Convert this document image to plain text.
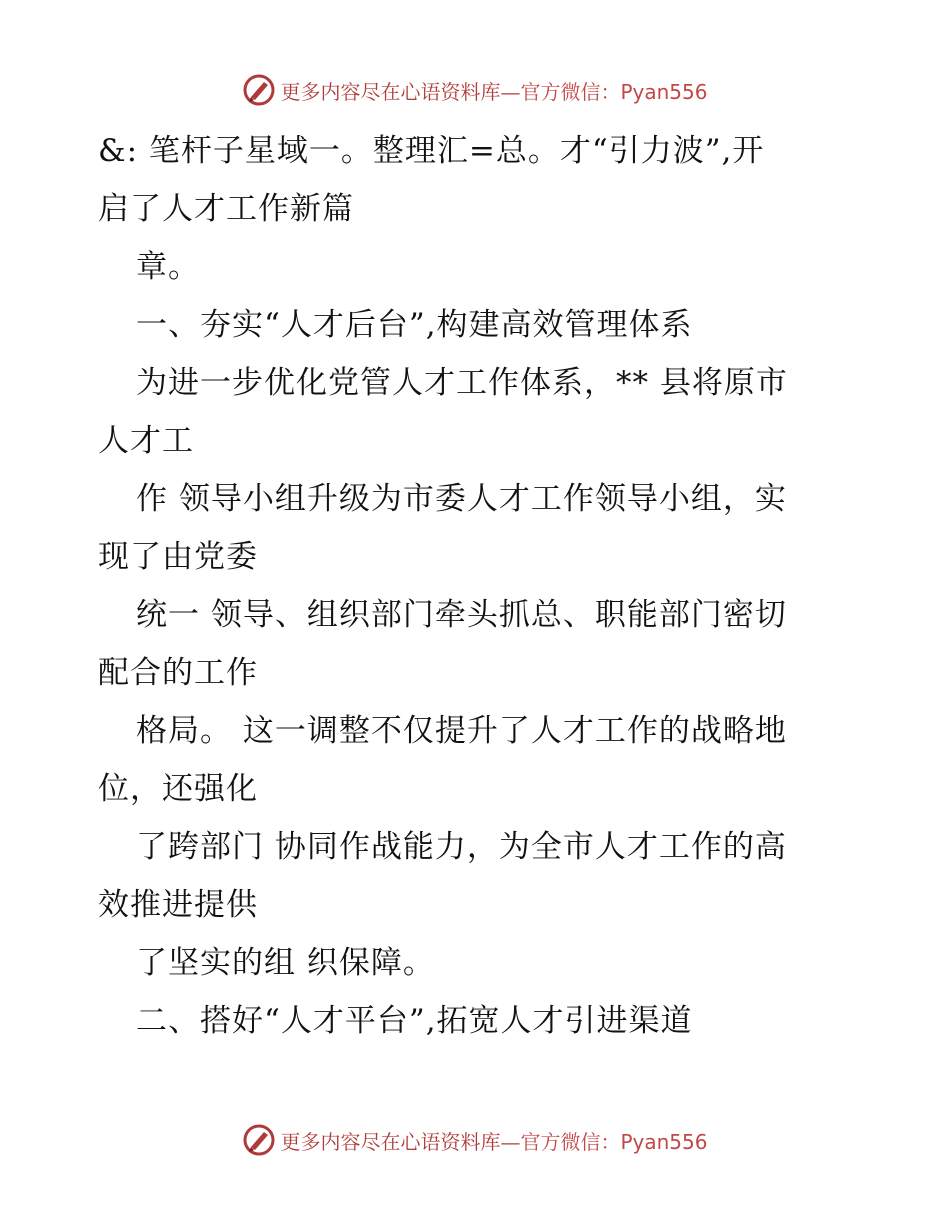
更多内容尽在心语资料库— 官方微信：Pyan556
&: 笔杆子星域一。整理汇=总。才“引力波”,开
启了人才工作新篇
章。
一、夯实“人才后台”,构建高效管理体系
为进一步优化党管人才工作体系，** 县将原市
人才工
作 领导小组升级为市委人才工作领导小组，实
现了由党委
统一 领导、组织部门牵头抓总、职能部门密切
配合的工作
格局。 这一调整不仅提升了人才工作的战略地
位，还强化
了跨部门 协同作战能力，为全市人才工作的高
效推进提供
了坚实的组 织保障。
二、搭好“人才平台”,拓宽人才引进渠道
更多内容尽在心语资料库— 官方微信：Pyan556
